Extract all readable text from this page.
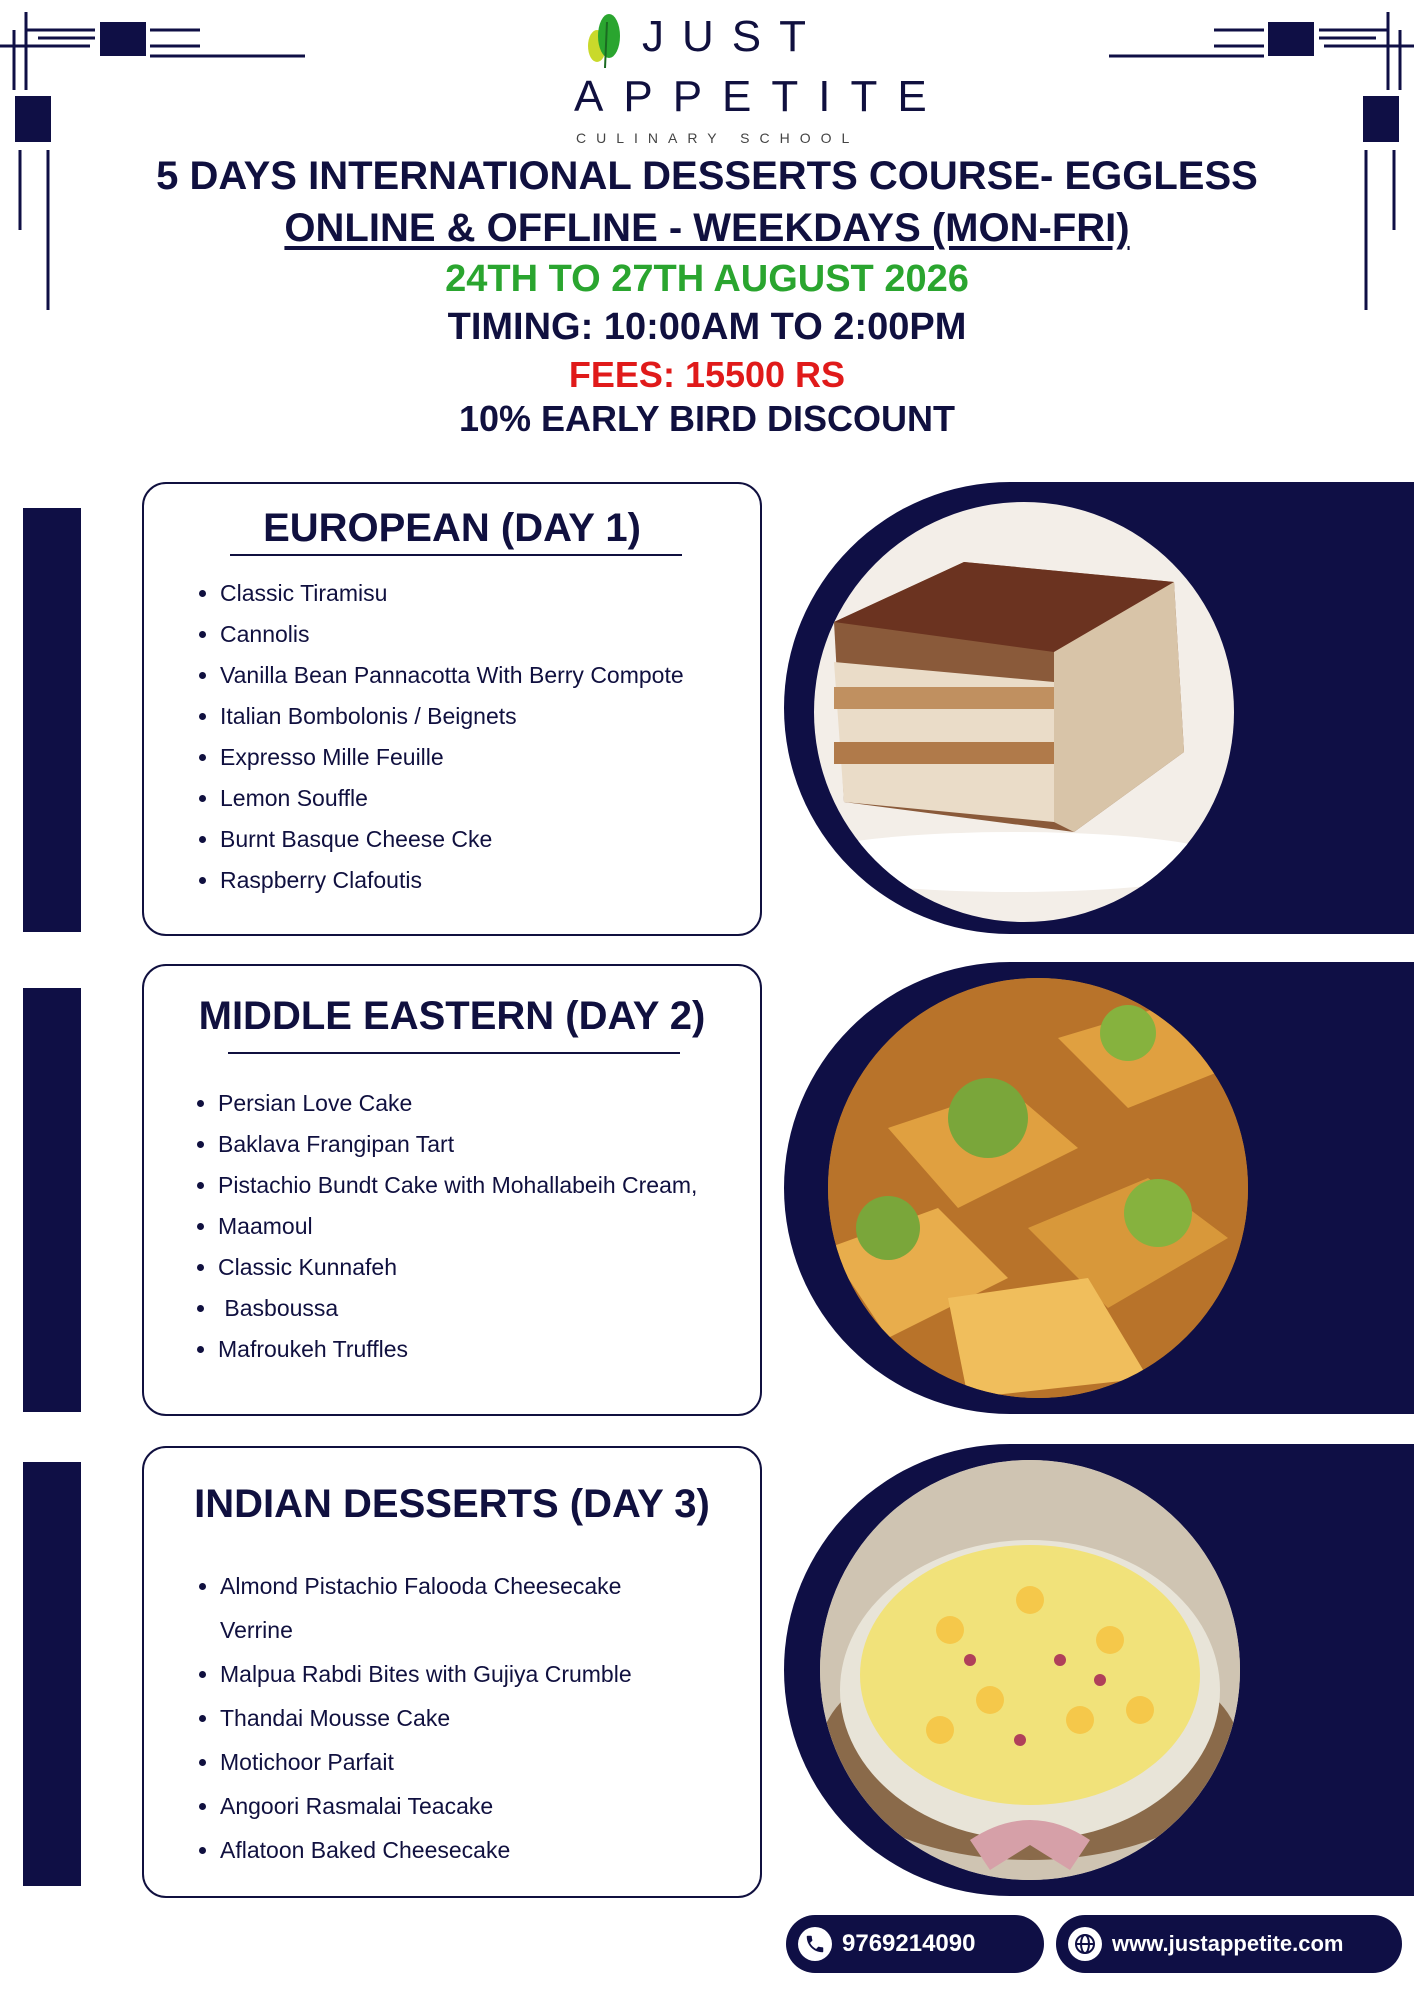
JUST
APPETITE
CULINARY SCHOOL
5 DAYS INTERNATIONAL DESSERTS COURSE- EGGLESS
ONLINE & OFFLINE - WEEKDAYS (MON-FRI)
24TH TO 27TH AUGUST 2026
TIMING: 10:00AM TO 2:00PM
FEES: 15500 RS
10% EARLY BIRD DISCOUNT
EUROPEAN (DAY 1)
• Classic Tiramisu
• Cannolis
• Vanilla Bean Pannacotta With Berry Compote
• Italian Bombolonis / Beignets
• Expresso Mille Feuille
• Lemon Souffle
• Burnt Basque Cheese Cke
• Raspberry Clafoutis
MIDDLE EASTERN (DAY 2)
• Persian Love Cake
• Baklava Frangipan Tart
• Pistachio Bundt Cake with Mohallabeih Cream,
• Maamoul
• Classic Kunnafeh
•  Basboussa
• Mafroukeh Truffles
INDIAN DESSERTS (DAY 3)
• Almond Pistachio Falooda Cheesecake Verrine
• Malpua Rabdi Bites with Gujiya Crumble
• Thandai Mousse Cake
• Motichoor Parfait
• Angoori Rasmalai Teacake
• Aflatoon Baked Cheesecake
9769214090	www.justappetite.com
